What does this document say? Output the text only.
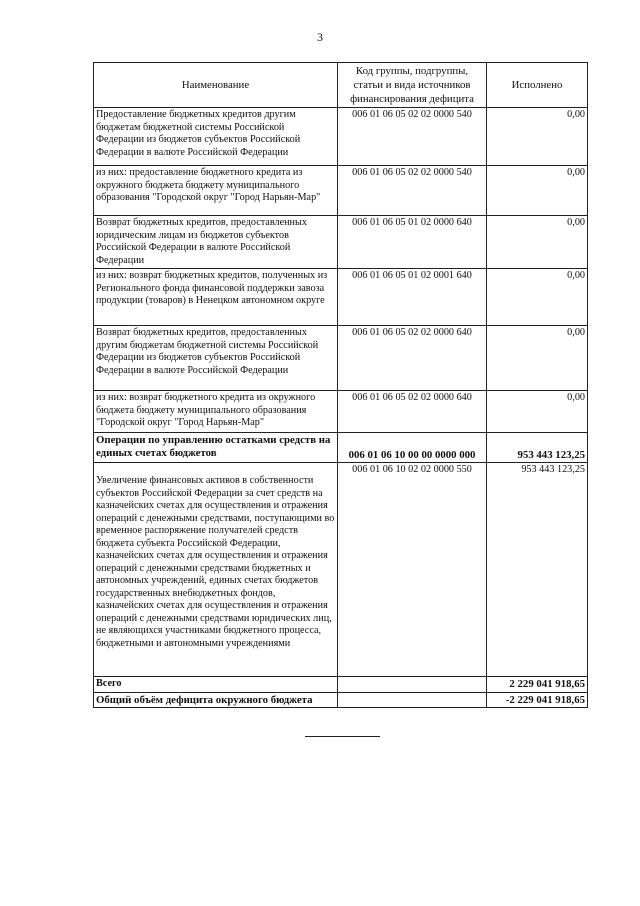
3
Наименование	Код группы, подгруппы, статьи и вида источников финансирования дефицита	Исполнено
Предоставление бюджетных кредитов другим бюджетам бюджетной системы Российской Федерации из бюджетов субъектов Российской Федерации в валюте Российской Федерации	006 01 06 05 02 02 0000 540	0,00
из них: предоставление бюджетного кредита из окружного бюджета бюджету муниципального образования "Городской округ "Город Нарьян-Мар"	006 01 06 05 02 02 0000 540	0,00
Возврат бюджетных кредитов, предоставленных юридическим лицам из бюджетов субъектов Российской Федерации в валюте Российской Федерации	006 01 06 05 01 02 0000 640	0,00
из них: возврат бюджетных кредитов, полученных из Регионального фонда финансовой поддержки завоза продукции (товаров) в Ненецком автономном округе	006 01 06 05 01 02 0001 640	0,00
Возврат бюджетных кредитов, предоставленных другим бюджетам бюджетной системы Российской Федерации из бюджетов субъектов Российской Федерации в валюте Российской Федерации	006 01 06 05 02 02 0000 640	0,00
из них: возврат бюджетного кредита из окружного бюджета бюджету муниципального образования "Городской округ "Город Нарьян-Мар"	006 01 06 05 02 02 0000 640	0,00
Операции по управлению остатками средств на единых счетах бюджетов	006 01 06 10 00 00 0000 000	953 443 123,25
Увеличение финансовых активов в собственности субъектов Российской Федерации за счет средств на казначейских счетах для осуществления и отражения операций с денежными средствами, поступающими во временное распоряжение получателей средств бюджета субъекта Российской Федерации, казначейских счетах для осуществления и отражения операций с денежными средствами бюджетных и автономных учреждений, единых счетах бюджетов государственных внебюджетных фондов, казначейских счетах для осуществления и отражения операций с денежными средствами юридических лиц, не являющихся участниками бюджетного процесса, бюджетными и автономными учреждениями	006 01 06 10 02 02 0000 550	953 443 123,25
Всего		2 229 041 918,65
Общий объём дефицита окружного бюджета		-2 229 041 918,65
